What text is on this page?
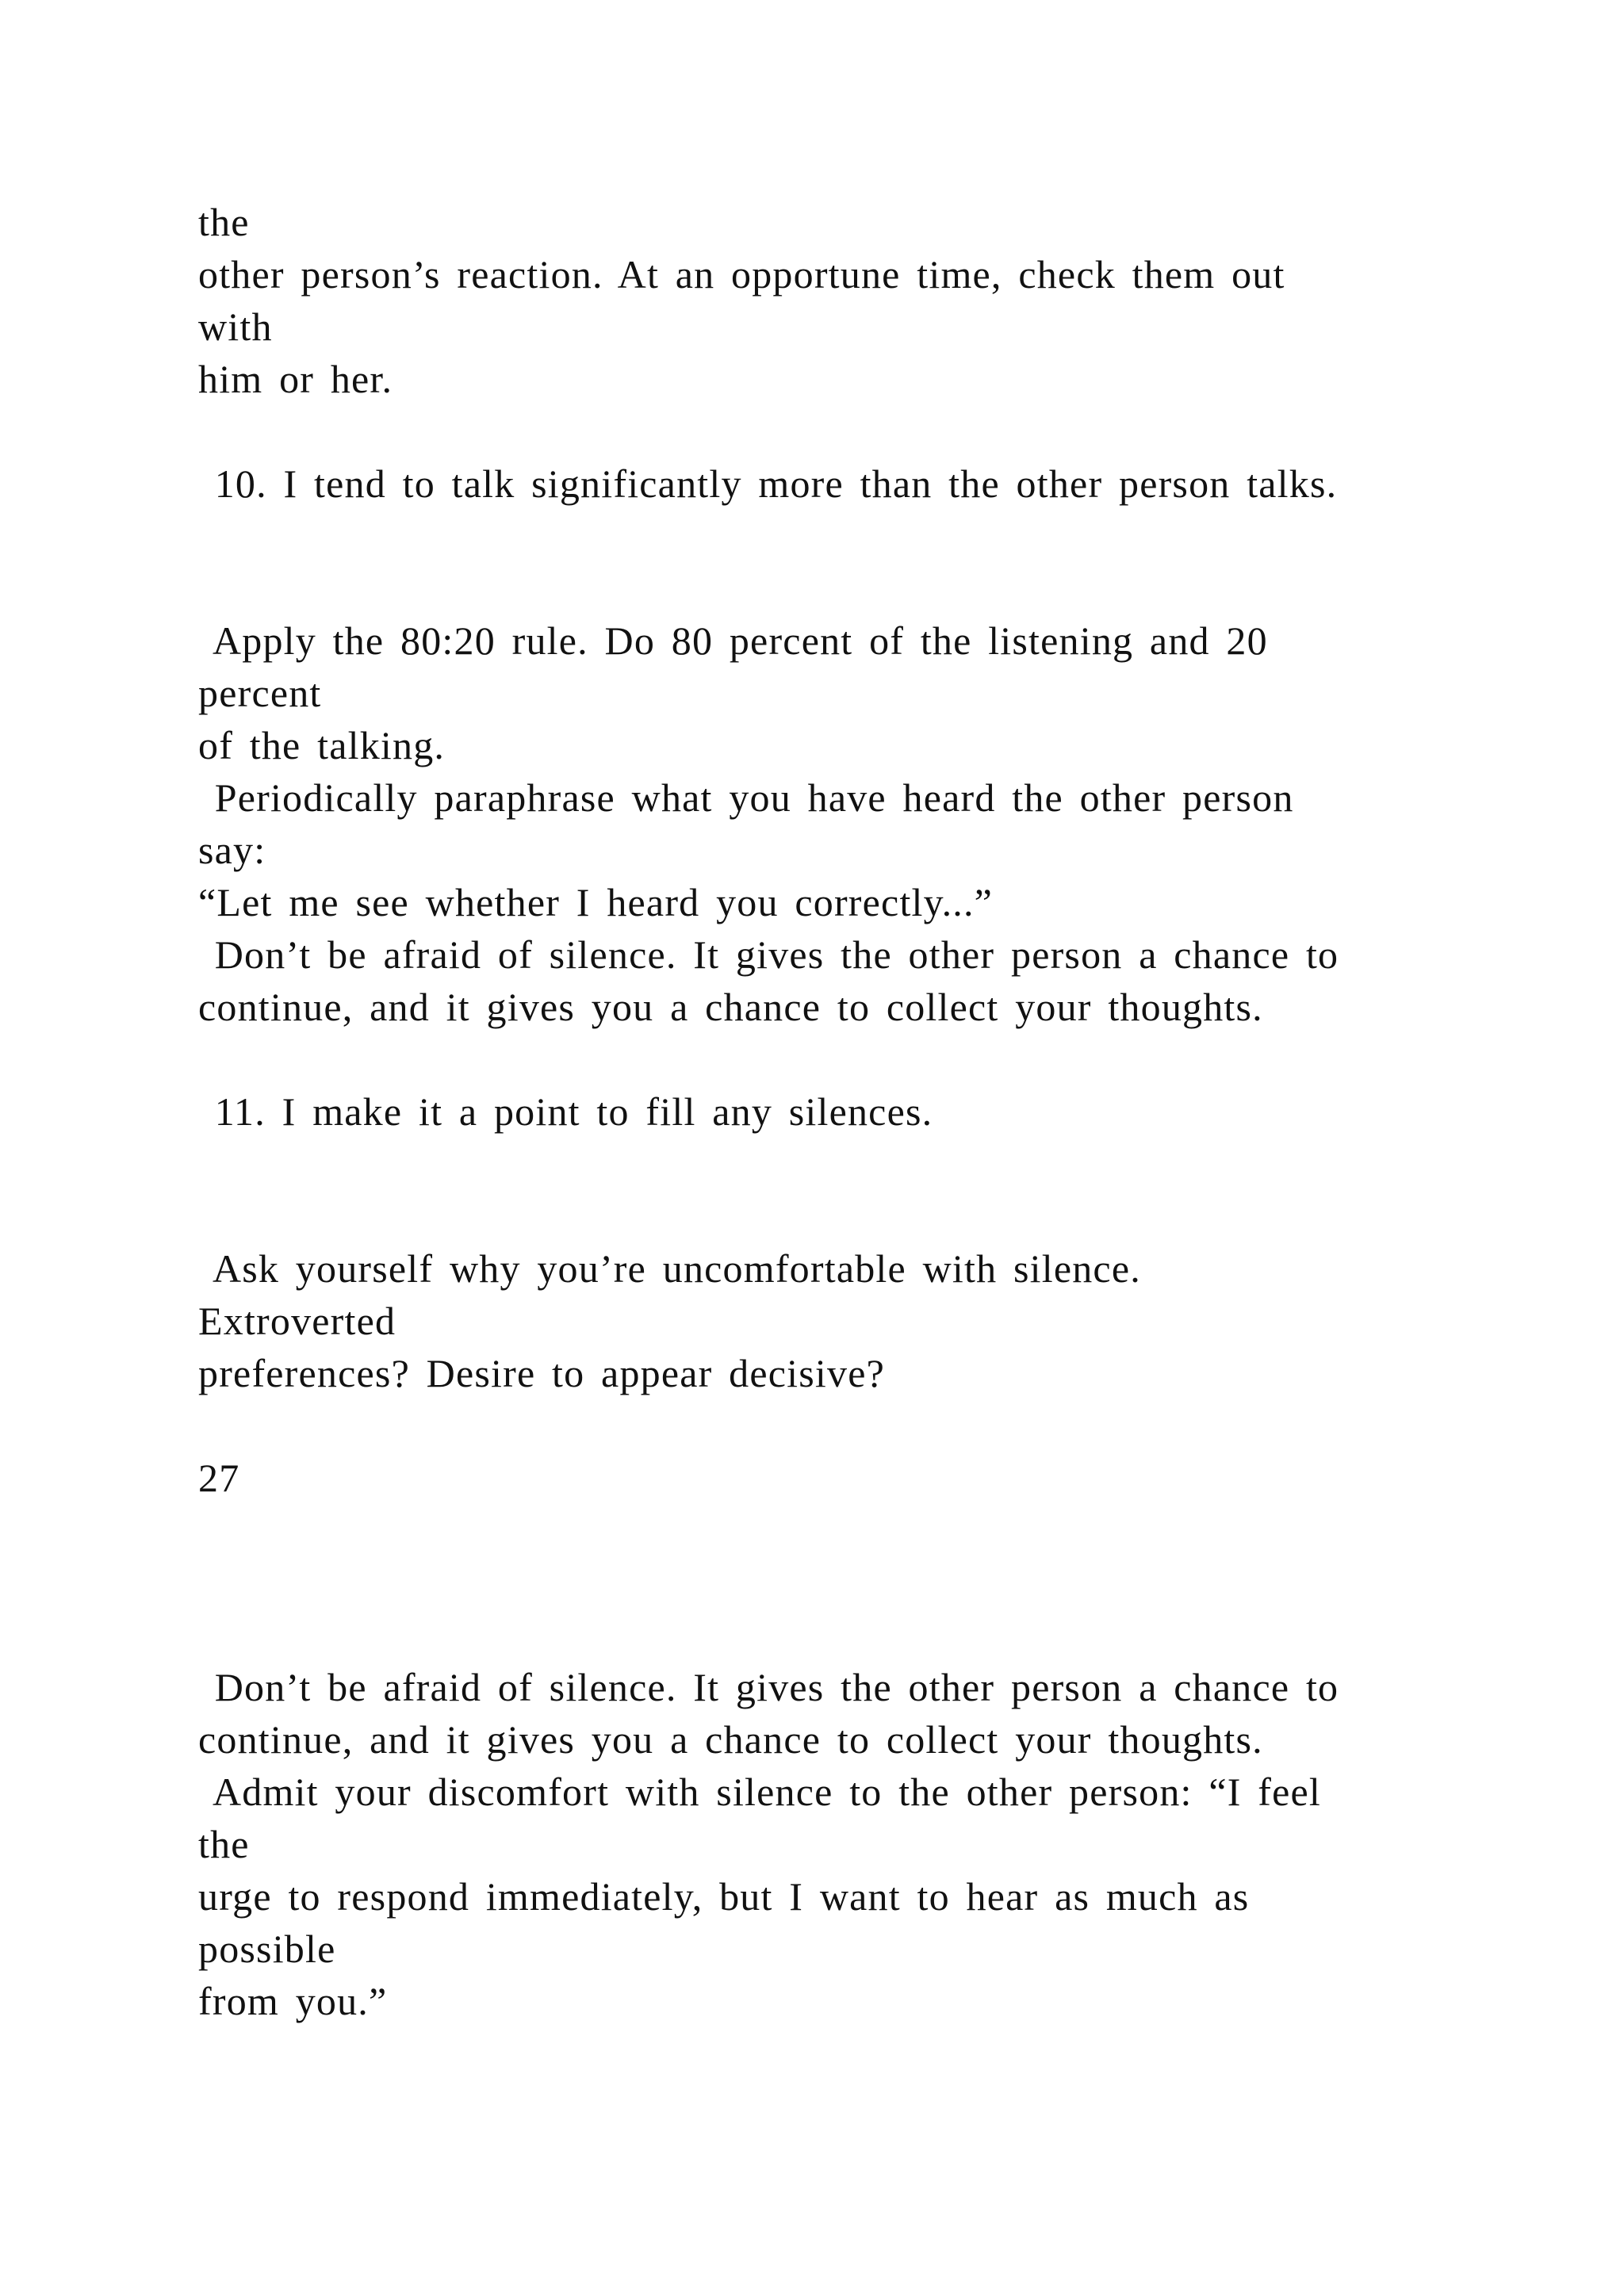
the
other person’s reaction. At an opportune time, check them out
with
him or her.
10. I tend to talk significantly more than the other person talks.
Apply the 80:20 rule. Do 80 percent of the listening and 20
percent
of the talking.
Periodically paraphrase what you have heard the other person
say:
“Let me see whether I heard you correctly...”
Don’t be afraid of silence. It gives the other person a chance to
continue, and it gives you a chance to collect your thoughts.
11. I make it a point to fill any silences.
Ask yourself why you’re uncomfortable with silence.
Extroverted
preferences? Desire to appear decisive?
27
Don’t be afraid of silence. It gives the other person a chance to
continue, and it gives you a chance to collect your thoughts.
Admit your discomfort with silence to the other person: “I feel
the
urge to respond immediately, but I want to hear as much as
possible
from you.”
